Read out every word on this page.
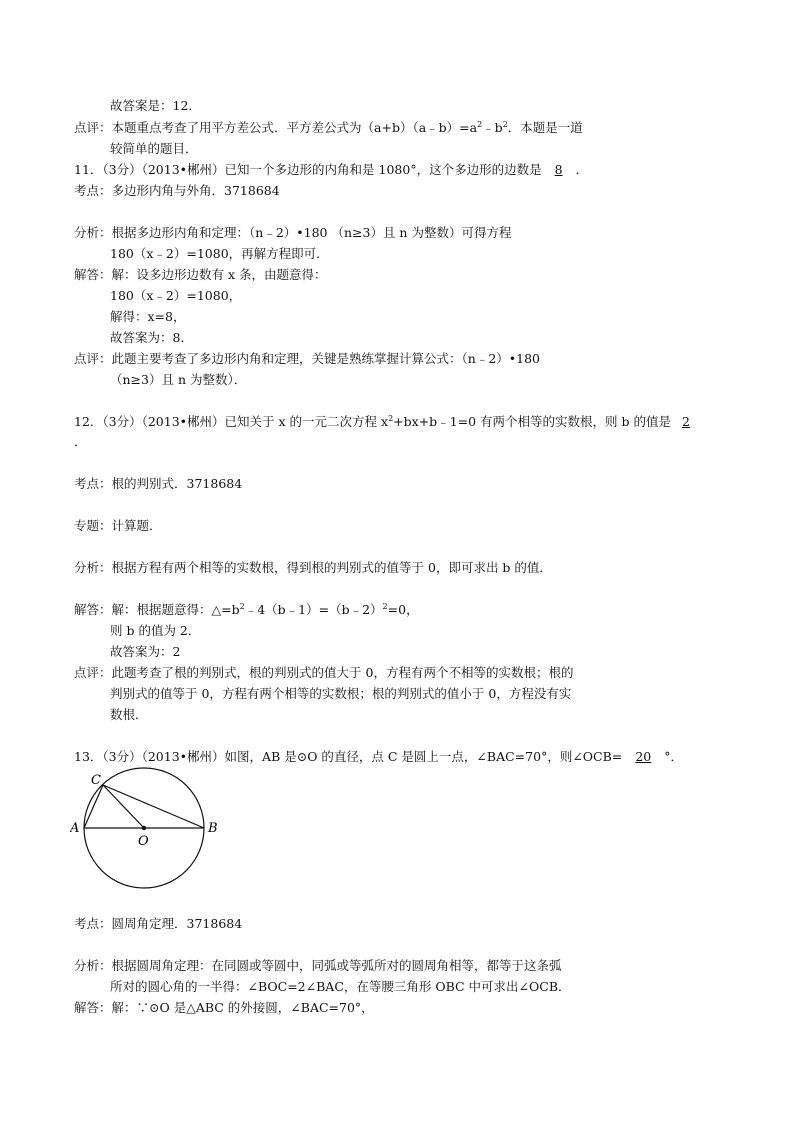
故答案是：12．
点评：本题重点考查了用平方差公式．平方差公式为$(a+b)(a﹣b)=a^2﹣b^2$．本题是一道
较简单的题目．
11．（3分）（2013•郴州）已知一个多边形的内角和是 1080°，这个多边形的边数是 8 ．
考点：多边形内角与外角．3718684
分析：根据多边形内角和定理：（n﹣2）•180 （n≥3）且 n 为整数）可得方程
180（x﹣2）=1080，再解方程即可．
解答：解：设多边形边数有 x 条，由题意得：
180（x﹣2）=1080，
解得：x=8，
故答案为：8．
点评：此题主要考查了多边形内角和定理，关键是熟练掌握计算公式：（n﹣2）•180
（n≥3）且 n 为整数）．
12．（3分）（2013•郴州）已知关于 x 的一元二次方程 $x^2+bx+b﹣1=0$ 有两个相等的实数根，则 b 的值是 2
．
考点：根的判别式．3718684
专题：计算题．
分析：根据方程有两个相等的实数根，得到根的判别式的值等于 0，即可求出 b 的值．
解答：解：根据题意得：$\triangle=b^2﹣4(b﹣1)=(b﹣2)^2=0$，
则 b 的值为 2．
故答案为：2
点评：此题考查了根的判别式，根的判别式的值大于 0，方程有两个不相等的实数根；根的
判别式的值等于 0，方程有两个相等的实数根；根的判别式的值小于 0，方程没有实
数根．
13．（3分）（2013•郴州）如图，AB 是⊙O 的直径，点 C 是圆上一点，∠BAC=70°，则∠OCB= 20 °．
A	B
C
O
考点：圆周角定理．3718684
分析：根据圆周角定理：在同圆或等圆中，同弧或等弧所对的圆周角相等，都等于这条弧
所对的圆心角的一半得：∠BOC=2∠BAC，在等腰三角形 OBC 中可求出∠OCB．
解答：解：∵⊙O 是△ABC 的外接圆，∠BAC=70°，
